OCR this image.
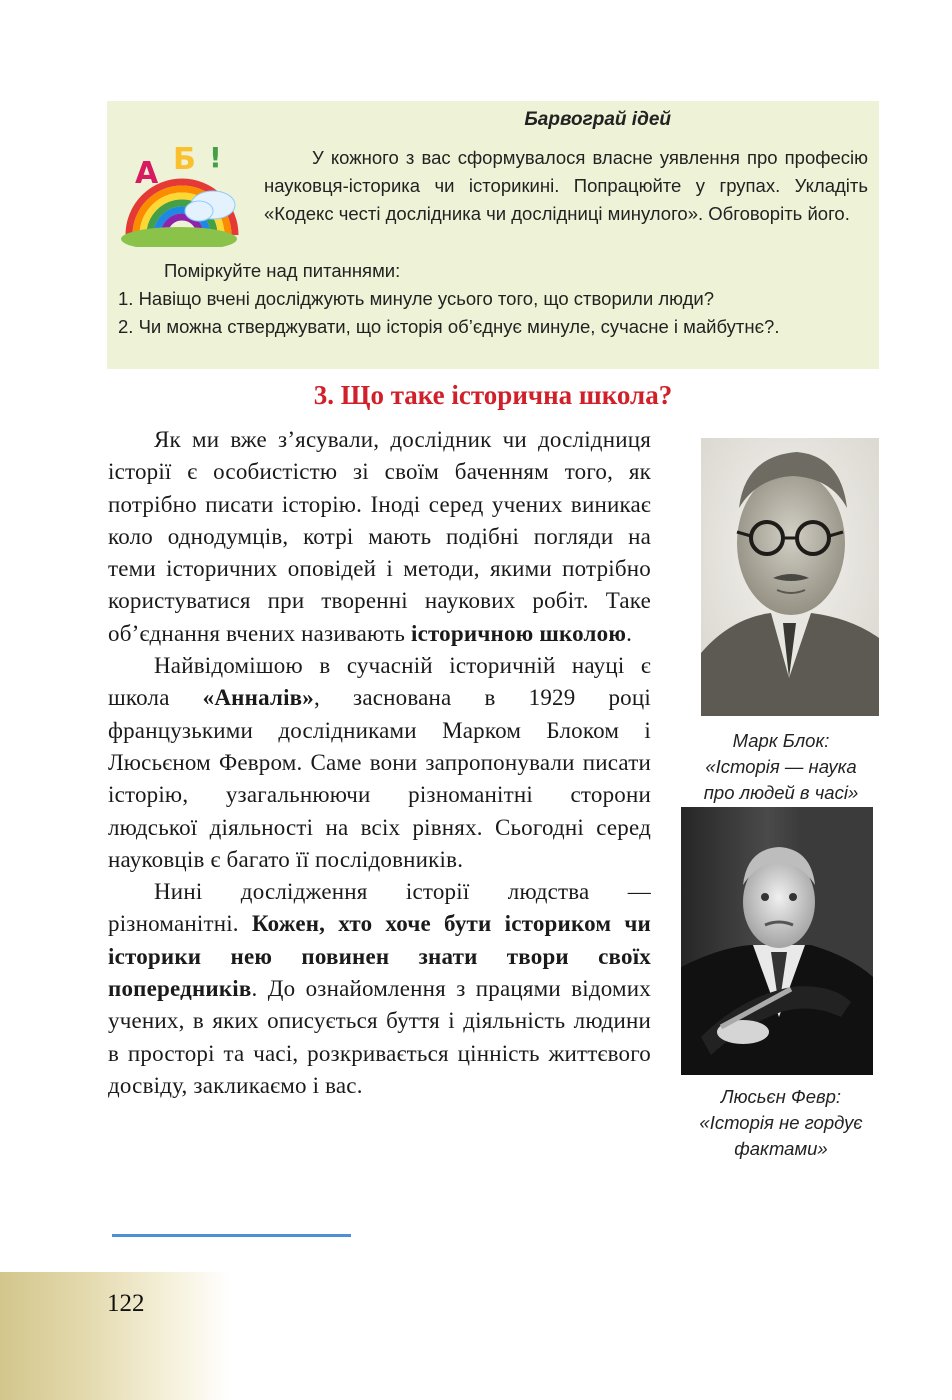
Барвограй ідей
А Б !	У кожного з вас сформувалося власне уявлення про професію науковця-історика чи історикині. Попрацюйте у групах. Укладіть «Кодекс честі дослідника чи дослідниці минулого». Обговоріть його.
Поміркуйте над питаннями:
1. Навіщо вчені досліджують минуле усього того, що створили люди?
2. Чи можна стверджувати, що історія об’єднує минуле, сучасне і майбутнє?.
3. Що таке історична школа?

Як ми вже з’ясували, дослідник чи дослідниця історії є особистістю зі своїм баченням того, як потрібно писати історію. Іноді серед учених виникає коло однодумців, котрі мають подібні погляди на теми історичних оповідей і методи, якими потрібно користуватися при творенні наукових робіт. Таке об’єднання вчених називають історичною школою.

Найвідомішою в сучасній історичній науці є школа «Анналів», заснована в 1929 році французькими дослідниками Марком Блоком і Люсьєном Февром. Саме вони запропонували писати історію, узагальнюючи різноманітні сторони людської діяльності на всіх рівнях. Сьогодні серед науковців є багато її послідовників.

Нині дослідження історії людства — різноманітні. Кожен, хто хоче бути істориком чи історики нею повинен знати твори своїх попередників. До ознайомлення з працями відомих учених, в яких описується буття і діяльність людини в просторі та часі, розкривається цінність життєвого досвіду, закликаємо і вас.

Марк Блок:
«Історія — наука
про людей в часі»
Люсьєн Февр:
«Історія не гордує
фактами»
122
